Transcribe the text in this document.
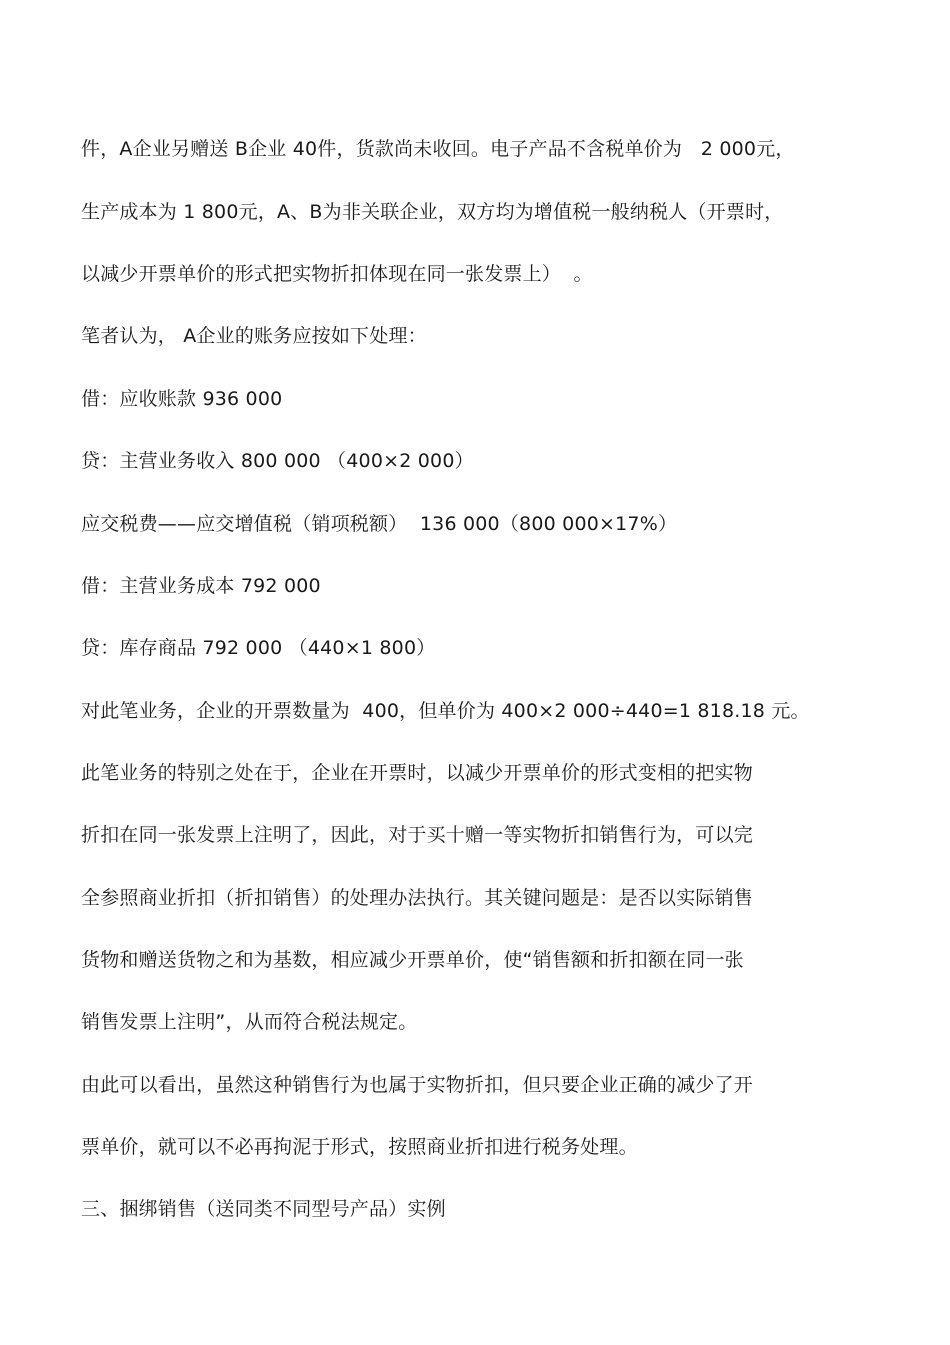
件，A企业另赠送 B企业 40件，货款尚未收回。电子产品不含税单价为   2 000元，
生产成本为 1 800元，A、B为非关联企业，双方均为增值税一般纳税人（开票时，
以减少开票单价的形式把实物折扣体现在同一张发票上）  。
笔者认为， A企业的账务应按如下处理：
借：应收账款 936 000
贷：主营业务收入 800 000 （400×2 000）
应交税费——应交增值税（销项税额）  136 000（800 000×17%）
借：主营业务成本 792 000
贷：库存商品 792 000 （440×1 800）
对此笔业务，企业的开票数量为  400，但单价为 400×2 000÷440=1 818.18 元。
此笔业务的特别之处在于，企业在开票时，以减少开票单价的形式变相的把实物
折扣在同一张发票上注明了，因此，对于买十赠一等实物折扣销售行为，可以完
全参照商业折扣（折扣销售）的处理办法执行。其关键问题是：是否以实际销售
货物和赠送货物之和为基数，相应减少开票单价，使“销售额和折扣额在同一张
销售发票上注明”，从而符合税法规定。
由此可以看出，虽然这种销售行为也属于实物折扣，但只要企业正确的减少了开
票单价，就可以不必再拘泥于形式，按照商业折扣进行税务处理。
三、捆绑销售（送同类不同型号产品）实例
